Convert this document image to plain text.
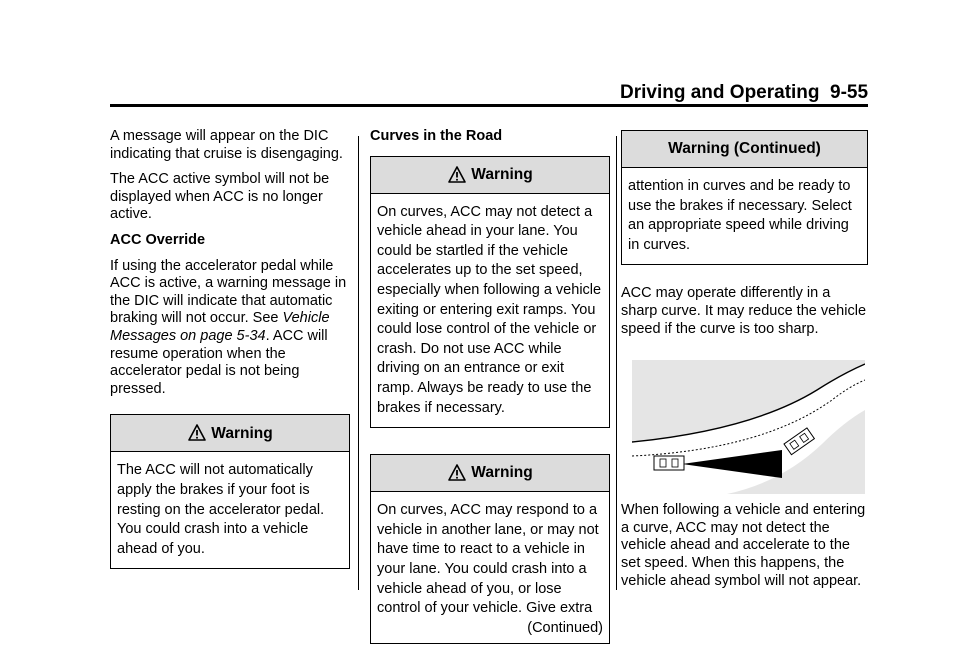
Driving and Operating 9-55

A message will appear on the DIC indicating that cruise is disengaging.

The ACC active symbol will not be displayed when ACC is no longer active.

ACC Override

If using the accelerator pedal while ACC is active, a warning message in the DIC will indicate that automatic braking will not occur. See Vehicle Messages on page 5-34. ACC will resume operation when the accelerator pedal is not being pressed.

Warning
The ACC will not automatically apply the brakes if your foot is resting on the accelerator pedal. You could crash into a vehicle ahead of you.

Curves in the Road

Warning
On curves, ACC may not detect a vehicle ahead in your lane. You could be startled if the vehicle accelerates up to the set speed, especially when following a vehicle exiting or entering exit ramps. You could lose control of the vehicle or crash. Do not use ACC while driving on an entrance or exit ramp. Always be ready to use the brakes if necessary.
Warning
On curves, ACC may respond to a vehicle in another lane, or may not have time to react to a vehicle in your lane. You could crash into a vehicle ahead of you, or lose control of your vehicle. Give extra
(Continued)
Warning (Continued)
attention in curves and be ready to use the brakes if necessary. Select an appropriate speed while driving in curves.

ACC may operate differently in a sharp curve. It may reduce the vehicle speed if the curve is too sharp.

When following a vehicle and entering a curve, ACC may not detect the vehicle ahead and accelerate to the set speed. When this happens, the vehicle ahead symbol will not appear.
